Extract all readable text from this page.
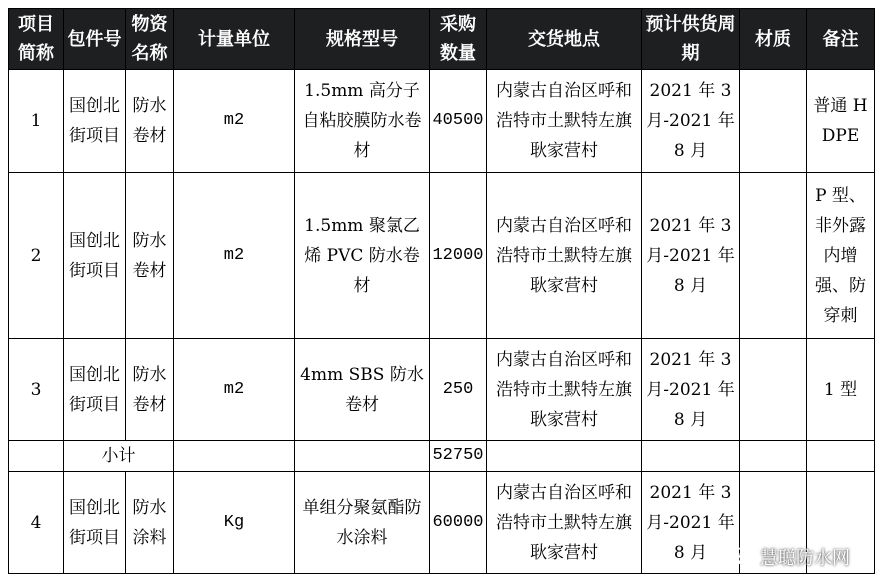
项目简称	包件号	物资名称	计量单位	规格型号	采购数量	交货地点	预计供货周期	材质	备注
1	国创北街项目	防水卷材	m2	1.5mm 高分子自粘胶膜防水卷材	40500	内蒙古自治区呼和浩特市土默特左旗耿家营村	2021 年 3 月-2021 年 8 月		普通 HDPE
2	国创北街项目	防水卷材	m2	1.5mm 聚氯乙烯 PVC 防水卷材	12000	内蒙古自治区呼和浩特市土默特左旗耿家营村	2021 年 3 月-2021 年 8 月		P 型、非外露内增强、防穿刺
3	国创北街项目	防水卷材	m2	4mm SBS 防水卷材	250	内蒙古自治区呼和浩特市土默特左旗耿家营村	2021 年 3 月-2021 年 8 月		1 型
	小计				52750				
4	国创北街项目	防水涂料	Kg	单组分聚氨酯防水涂料	60000	内蒙古自治区呼和浩特市土默特左旗耿家营村	2021 年 3 月-2021 年 8 月			慧聪防水网
